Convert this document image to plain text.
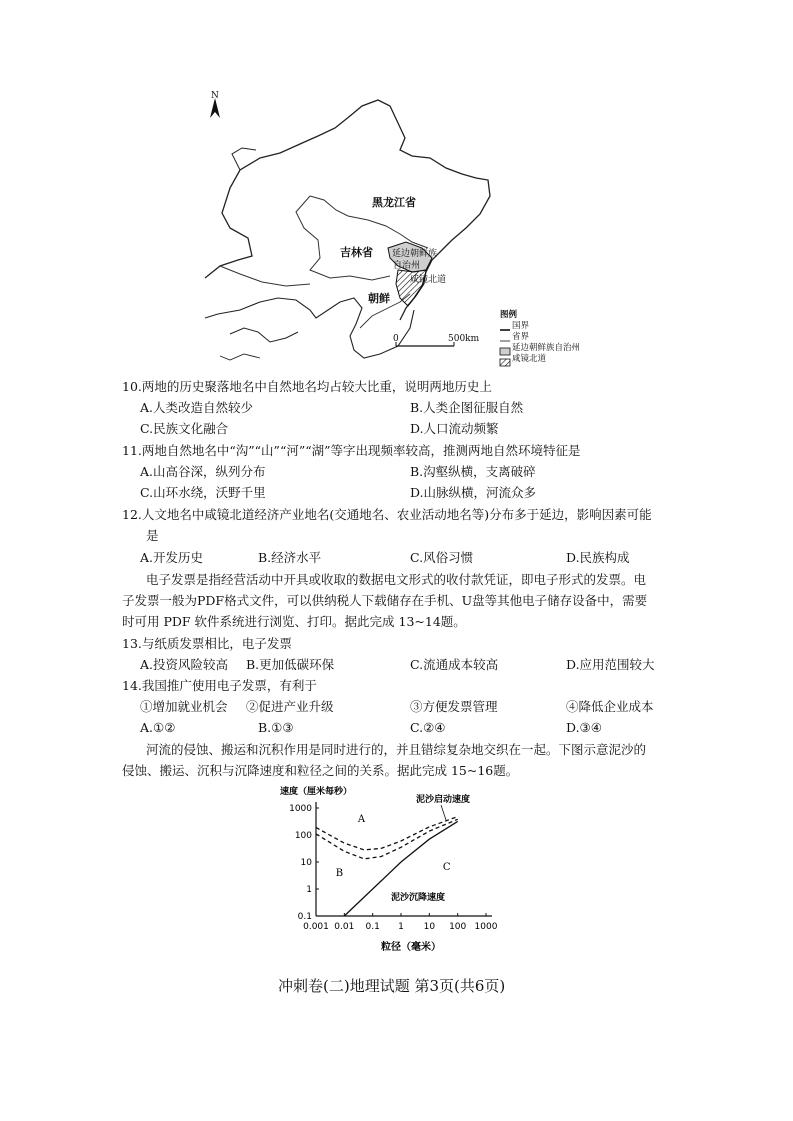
N
黑龙江省
吉林省 延边朝鲜族
自治州
咸镜北道
朝鲜
0	500km
图例
国界
省界
延边朝鲜族自治州
咸镜北道
10.两地的历史聚落地名中自然地名均占较大比重，说明两地历史上
A.人类改造自然较少	B.人类企图征服自然
C.民族文化融合	D.人口流动频繁
11.两地自然地名中“沟”“山”“河”“湖”等字出现频率较高，推测两地自然环境特征是
A.山高谷深，纵列分布	B.沟壑纵横，支离破碎
C.山环水绕，沃野千里	D.山脉纵横，河流众多
12.人文地名中咸镜北道经济产业地名(交通地名、农业活动地名等)分布多于延边，影响因素可能
是
A.开发历史	B.经济水平	C.风俗习惯	D.民族构成
电子发票是指经营活动中开具或收取的数据电文形式的收付款凭证，即电子形式的发票。电
子发票一般为PDF格式文件，可以供纳税人下载储存在手机、U盘等其他电子储存设备中，需要
时可用 PDF 软件系统进行浏览、打印。据此完成 13~14题。
13.与纸质发票相比，电子发票
A.投资风险较高 B.更加低碳环保	C.流通成本较高	D.应用范围较大
14.我国推广使用电子发票，有利于
①增加就业机会 ②促进产业升级	③方便发票管理	④降低企业成本
A.①②	B.①③	C.②④	D.③④
河流的侵蚀、搬运和沉积作用是同时进行的，并且错综复杂地交织在一起。下图示意泥沙的
侵蚀、搬运、沉积与沉降速度和粒径之间的关系。据此完成 15~16题。
速度（厘米每秒）
粒径（毫米）
1000
100
10
1
0.1
0.001 0.01 0.1 1 10 100 1000
泥沙启动速度
泥沙沉降速度
A
B
C
冲刺卷(二)地理试题 第3页(共6页)
